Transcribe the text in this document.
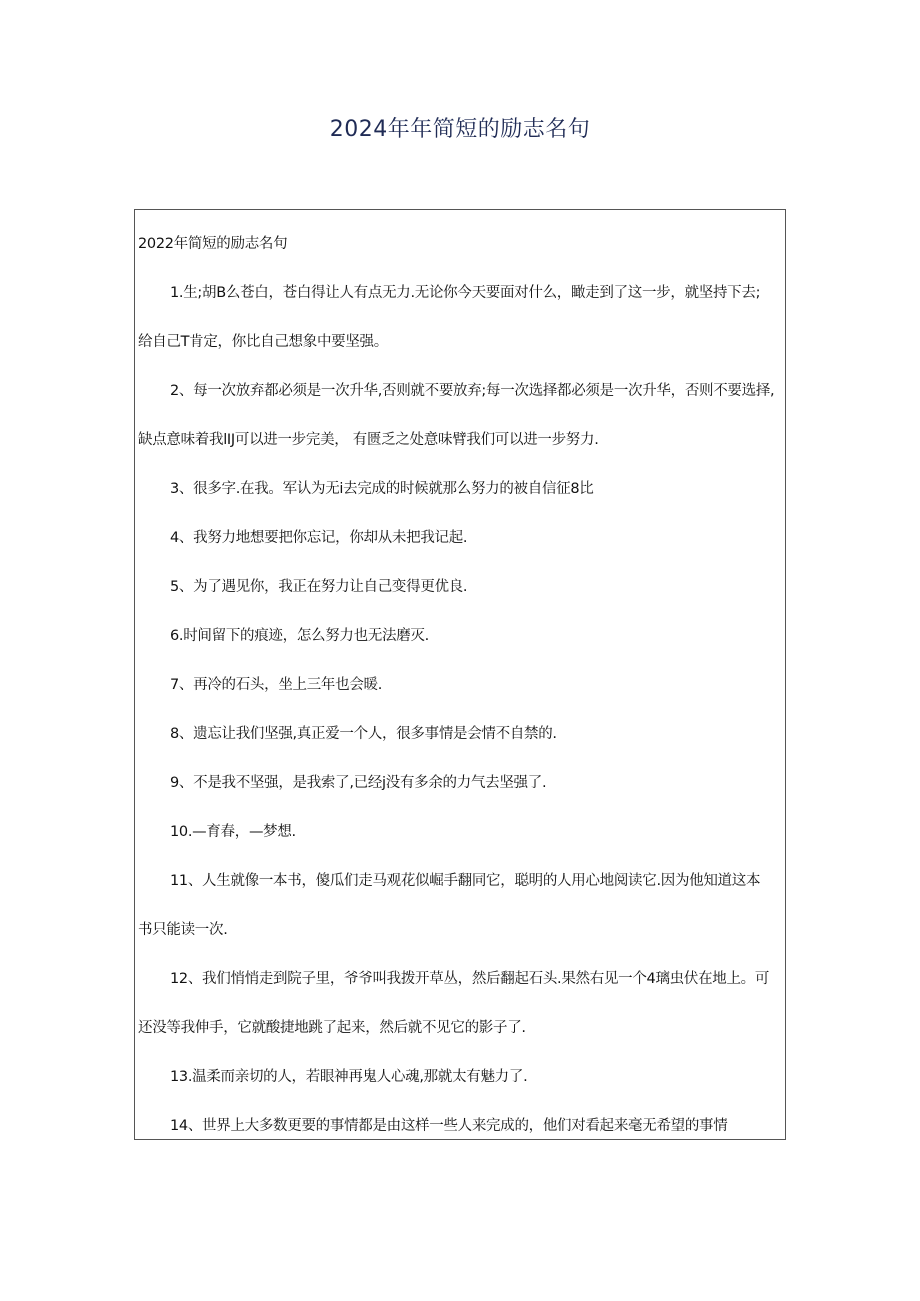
2024年年简短的励志名句
2022年简短的励志名句
1.生;胡B么苍白，苍白得让人有点无力.无论你今天要面对什么，瞰走到了这一步，就坚持下去;
给自己T肯定，你比自己想象中要坚强。
2、每一次放弃都必须是一次升华,否则就不要放弃;每一次选择都必须是一次升华，否则不要选择,
缺点意味着我lIJ可以进一步完美， 有匮乏之处意味臂我们可以进一步努力.
3、很多字.在我。军认为无i去完成的时候就那么努力的被自信征8比
4、我努力地想要把你忘记，你却从未把我记起.
5、为了遇见你，我正在努力让自己变得更优良.
6.时间留下的痕迹，怎么努力也无法磨灭.
7、再冷的石头，坐上三年也会暖.
8、遗忘让我们坚强,真正爱一个人，很多事情是会情不自禁的.
9、不是我不坚强，是我索了,已经j没有多余的力气去坚强了.
10.—育春，—梦想.
11、人生就像一本书，傻瓜们走马观花似崛手翻同它，聪明的人用心地阅读它.因为他知道这本
书只能读一次.
12、我们悄悄走到院子里，爷爷叫我拨开草丛，然后翻起石头.果然右见一个4璃虫伏在地上。可
还没等我伸手，它就酸捷地跳了起来，然后就不见它的影子了.
13.温柔而亲切的人，若眼神再鬼人心魂,那就太有魅力了.
14、世界上大多数更要的事情都是由这样一些人来完成的，他们对看起来毫无希望的事情
